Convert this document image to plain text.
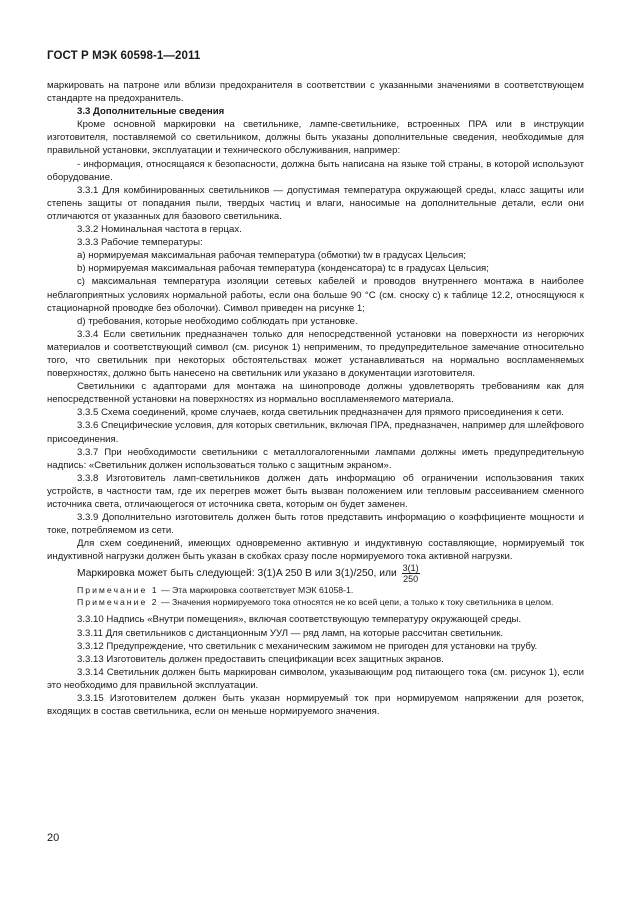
ГОСТ Р МЭК 60598-1—2011

маркировать на патроне или вблизи предохранителя в соответствии с указанными значениями в соответствующем стандарте на предохранитель.

3.3 Дополнительные сведения

Кроме основной маркировки на светильнике, лампе-светильнике, встроенных ПРА или в инструкции изготовителя, поставляемой со светильником, должны быть указаны дополнительные сведения, необходимые для правильной установки, эксплуатации и технического обслуживания, например:

- информация, относящаяся к безопасности, должна быть написана на языке той страны, в которой используют оборудование.

3.3.1 Для комбинированных светильников — допустимая температура окружающей среды, класс защиты или степень защиты от попадания пыли, твердых частиц и влаги, наносимые на дополнительные детали, если они отличаются от указанных для базового светильника.

3.3.2 Номинальная частота в герцах.

3.3.3 Рабочие температуры:

a) нормируемая максимальная рабочая температура (обмотки) tw в градусах Цельсия;

b) нормируемая максимальная рабочая температура (конденсатора) tc в градусах Цельсия;

c) максимальная температура изоляции сетевых кабелей и проводов внутреннего монтажа в наиболее неблагоприятных условиях нормальной работы, если она больше 90 °C (см. сноску с) к таблице 12.2, относящуюся к стационарной проводке без оболочки). Символ приведен на рисунке 1;

d) требования, которые необходимо соблюдать при установке.

3.3.4 Если светильник предназначен только для непосредственной установки на поверхности из негорючих материалов и соответствующий символ (см. рисунок 1) неприменим, то предупредительное замечание относительно того, что светильник при некоторых обстоятельствах может устанавливаться на нормально воспламеняемых поверхностях, должно быть нанесено на светильник или указано в документации изготовителя.

Светильники с адапторами для монтажа на шинопроводе должны удовлетворять требованиям как для непосредственной установки на поверхностях из нормально воспламеняемого материала.

3.3.5 Схема соединений, кроме случаев, когда светильник предназначен для прямого присоединения к сети.

3.3.6 Специфические условия, для которых светильник, включая ПРА, предназначен, например для шлейфового присоединения.

3.3.7 При необходимости светильники с металлогалогенными лампами должны иметь предупредительную надпись: «Светильник должен использоваться только с защитным экраном».

3.3.8 Изготовитель ламп-светильников должен дать информацию об ограничении использования таких устройств, в частности там, где их перегрев может быть вызван положением или тепловым рассеиванием сменного источника света, отличающегося от источника света, которым он будет заменен.

3.3.9 Дополнительно изготовитель должен быть готов представить информацию о коэффициенте мощности и токе, потребляемом из сети.

Для схем соединений, имеющих одновременно активную и индуктивную составляющие, нормируемый ток индуктивной нагрузки должен быть указан в скобках сразу после нормируемого тока активной нагрузки.

Маркировка может быть следующей: 3(1)A 250 B или 3(1)/250, или $\frac{3(1)}{250}$

Примечание 1 — Эта маркировка соответствует МЭК 61058-1.

Примечание 2 — Значения нормируемого тока относятся не ко всей цепи, а только к току светильника в целом.

3.3.10 Надпись «Внутри помещения», включая соответствующую температуру окружающей среды.

3.3.11 Для светильников с дистанционным УУЛ — ряд ламп, на которые рассчитан светильник.

3.3.12 Предупреждение, что светильник с механическим зажимом не пригоден для установки на трубу.

3.3.13 Изготовитель должен предоставить спецификации всех защитных экранов.

3.3.14 Светильник должен быть маркирован символом, указывающим род питающего тока (см. рисунок 1), если это необходимо для правильной эксплуатации.

3.3.15 Изготовителем должен быть указан нормируемый ток при нормируемом напряжении для розеток, входящих в состав светильника, если он меньше нормируемого значения.

20
